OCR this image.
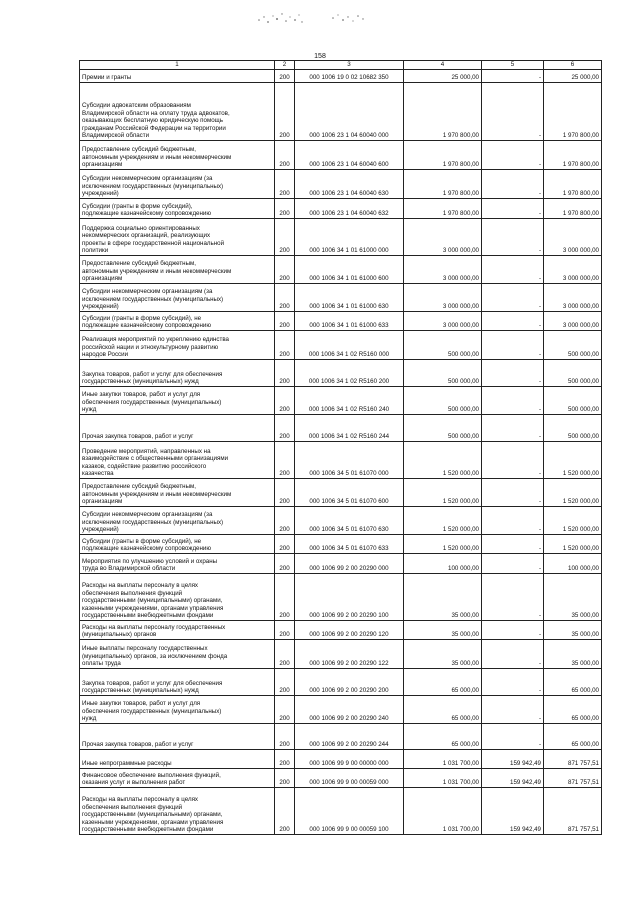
158
1	2	3	4	5	6
Премии и гранты	200	000 1006 19 0 02 10682 350	25 000,00	-	25 000,00
Субсидии адвокатским образованиям
Владимирской области на оплату труда адвокатов,
оказывающих бесплатную юридическую помощь
гражданам Российской Федерации на территории
Владимирской области	200	000 1006 23 1 04 60040 000	1 970 800,00	-	1 970 800,00
Предоставление субсидий бюджетным,
автономным учреждениям и иным некоммерческим
организациям	200	000 1006 23 1 04 60040 600	1 970 800,00	-	1 970 800,00
Субсидии некоммерческим организациям (за
исключением государственных (муниципальных)
учреждений)	200	000 1006 23 1 04 60040 630	1 970 800,00	-	1 970 800,00
Субсидии (гранты в форме субсидий),
подлежащие казначейскому сопровождению	200	000 1006 23 1 04 60040 632	1 970 800,00	-	1 970 800,00
Поддержка социально ориентированных
некоммерческих организаций, реализующих
проекты в сфере государственной национальной
политики	200	000 1006 34 1 01 61000 000	3 000 000,00	-	3 000 000,00
Предоставление субсидий бюджетным,
автономным учреждениям и иным некоммерческим
организациям	200	000 1006 34 1 01 61000 600	3 000 000,00	-	3 000 000,00
Субсидии некоммерческим организациям (за
исключением государственных (муниципальных)
учреждений)	200	000 1006 34 1 01 61000 630	3 000 000,00	-	3 000 000,00
Субсидии (гранты в форме субсидий), не
подлежащие казначейскому сопровождению	200	000 1006 34 1 01 61000 633	3 000 000,00	-	3 000 000,00
Реализация мероприятий по укреплению единства
российской нации и этнокультурному развитию
народов России	200	000 1006 34 1 02 R5160 000	500 000,00	-	500 000,00
Закупка товаров, работ и услуг для обеспечения
государственных (муниципальных) нужд	200	000 1006 34 1 02 R5160 200	500 000,00	-	500 000,00
Иные закупки товаров, работ и услуг для
обеспечения государственных (муниципальных)
нужд	200	000 1006 34 1 02 R5160 240	500 000,00	-	500 000,00
Прочая закупка товаров, работ и услуг	200	000 1006 34 1 02 R5160 244	500 000,00	-	500 000,00
Проведение мероприятий, направленных на
взаимодействие с общественными организациями
казаков, содействие развитию российского
казачества	200	000 1006 34 5 01 61070 000	1 520 000,00	-	1 520 000,00
Предоставление субсидий бюджетным,
автономным учреждениям и иным некоммерческим
организациям	200	000 1006 34 5 01 61070 600	1 520 000,00	-	1 520 000,00
Субсидии некоммерческим организациям (за
исключением государственных (муниципальных)
учреждений)	200	000 1006 34 5 01 61070 630	1 520 000,00	-	1 520 000,00
Субсидии (гранты в форме субсидий), не
подлежащие казначейскому сопровождению	200	000 1006 34 5 01 61070 633	1 520 000,00	-	1 520 000,00
Мероприятия по улучшению условий и охраны
труда во Владимирской области	200	000 1006 99 2 00 20290 000	100 000,00	-	100 000,00
Расходы на выплаты персоналу в целях
обеспечения выполнения функций
государственными (муниципальными) органами,
казенными учреждениями, органами управления
государственными внебюджетными фондами	200	000 1006 99 2 00 20290 100	35 000,00	-	35 000,00
Расходы на выплаты персоналу государственных
(муниципальных) органов	200	000 1006 99 2 00 20290 120	35 000,00	-	35 000,00
Иные выплаты персоналу государственных
(муниципальных) органов, за исключением фонда
оплаты труда	200	000 1006 99 2 00 20290 122	35 000,00	-	35 000,00
Закупка товаров, работ и услуг для обеспечения
государственных (муниципальных) нужд	200	000 1006 99 2 00 20290 200	65 000,00	-	65 000,00
Иные закупки товаров, работ и услуг для
обеспечения государственных (муниципальных)
нужд	200	000 1006 99 2 00 20290 240	65 000,00	-	65 000,00
Прочая закупка товаров, работ и услуг	200	000 1006 99 2 00 20290 244	65 000,00	-	65 000,00
Иные непрограммные расходы	200	000 1006 99 9 00 00000 000	1 031 700,00	159 942,49	871 757,51
Финансовое обеспечение выполнения функций,
оказания услуг и выполнения работ	200	000 1006 99 9 00 00059 000	1 031 700,00	159 942,49	871 757,51
Расходы на выплаты персоналу в целях
обеспечения выполнения функций
государственными (муниципальными) органами,
казенными учреждениями, органами управления
государственными внебюджетными фондами	200	000 1006 99 9 00 00059 100	1 031 700,00	159 942,49	871 757,51
